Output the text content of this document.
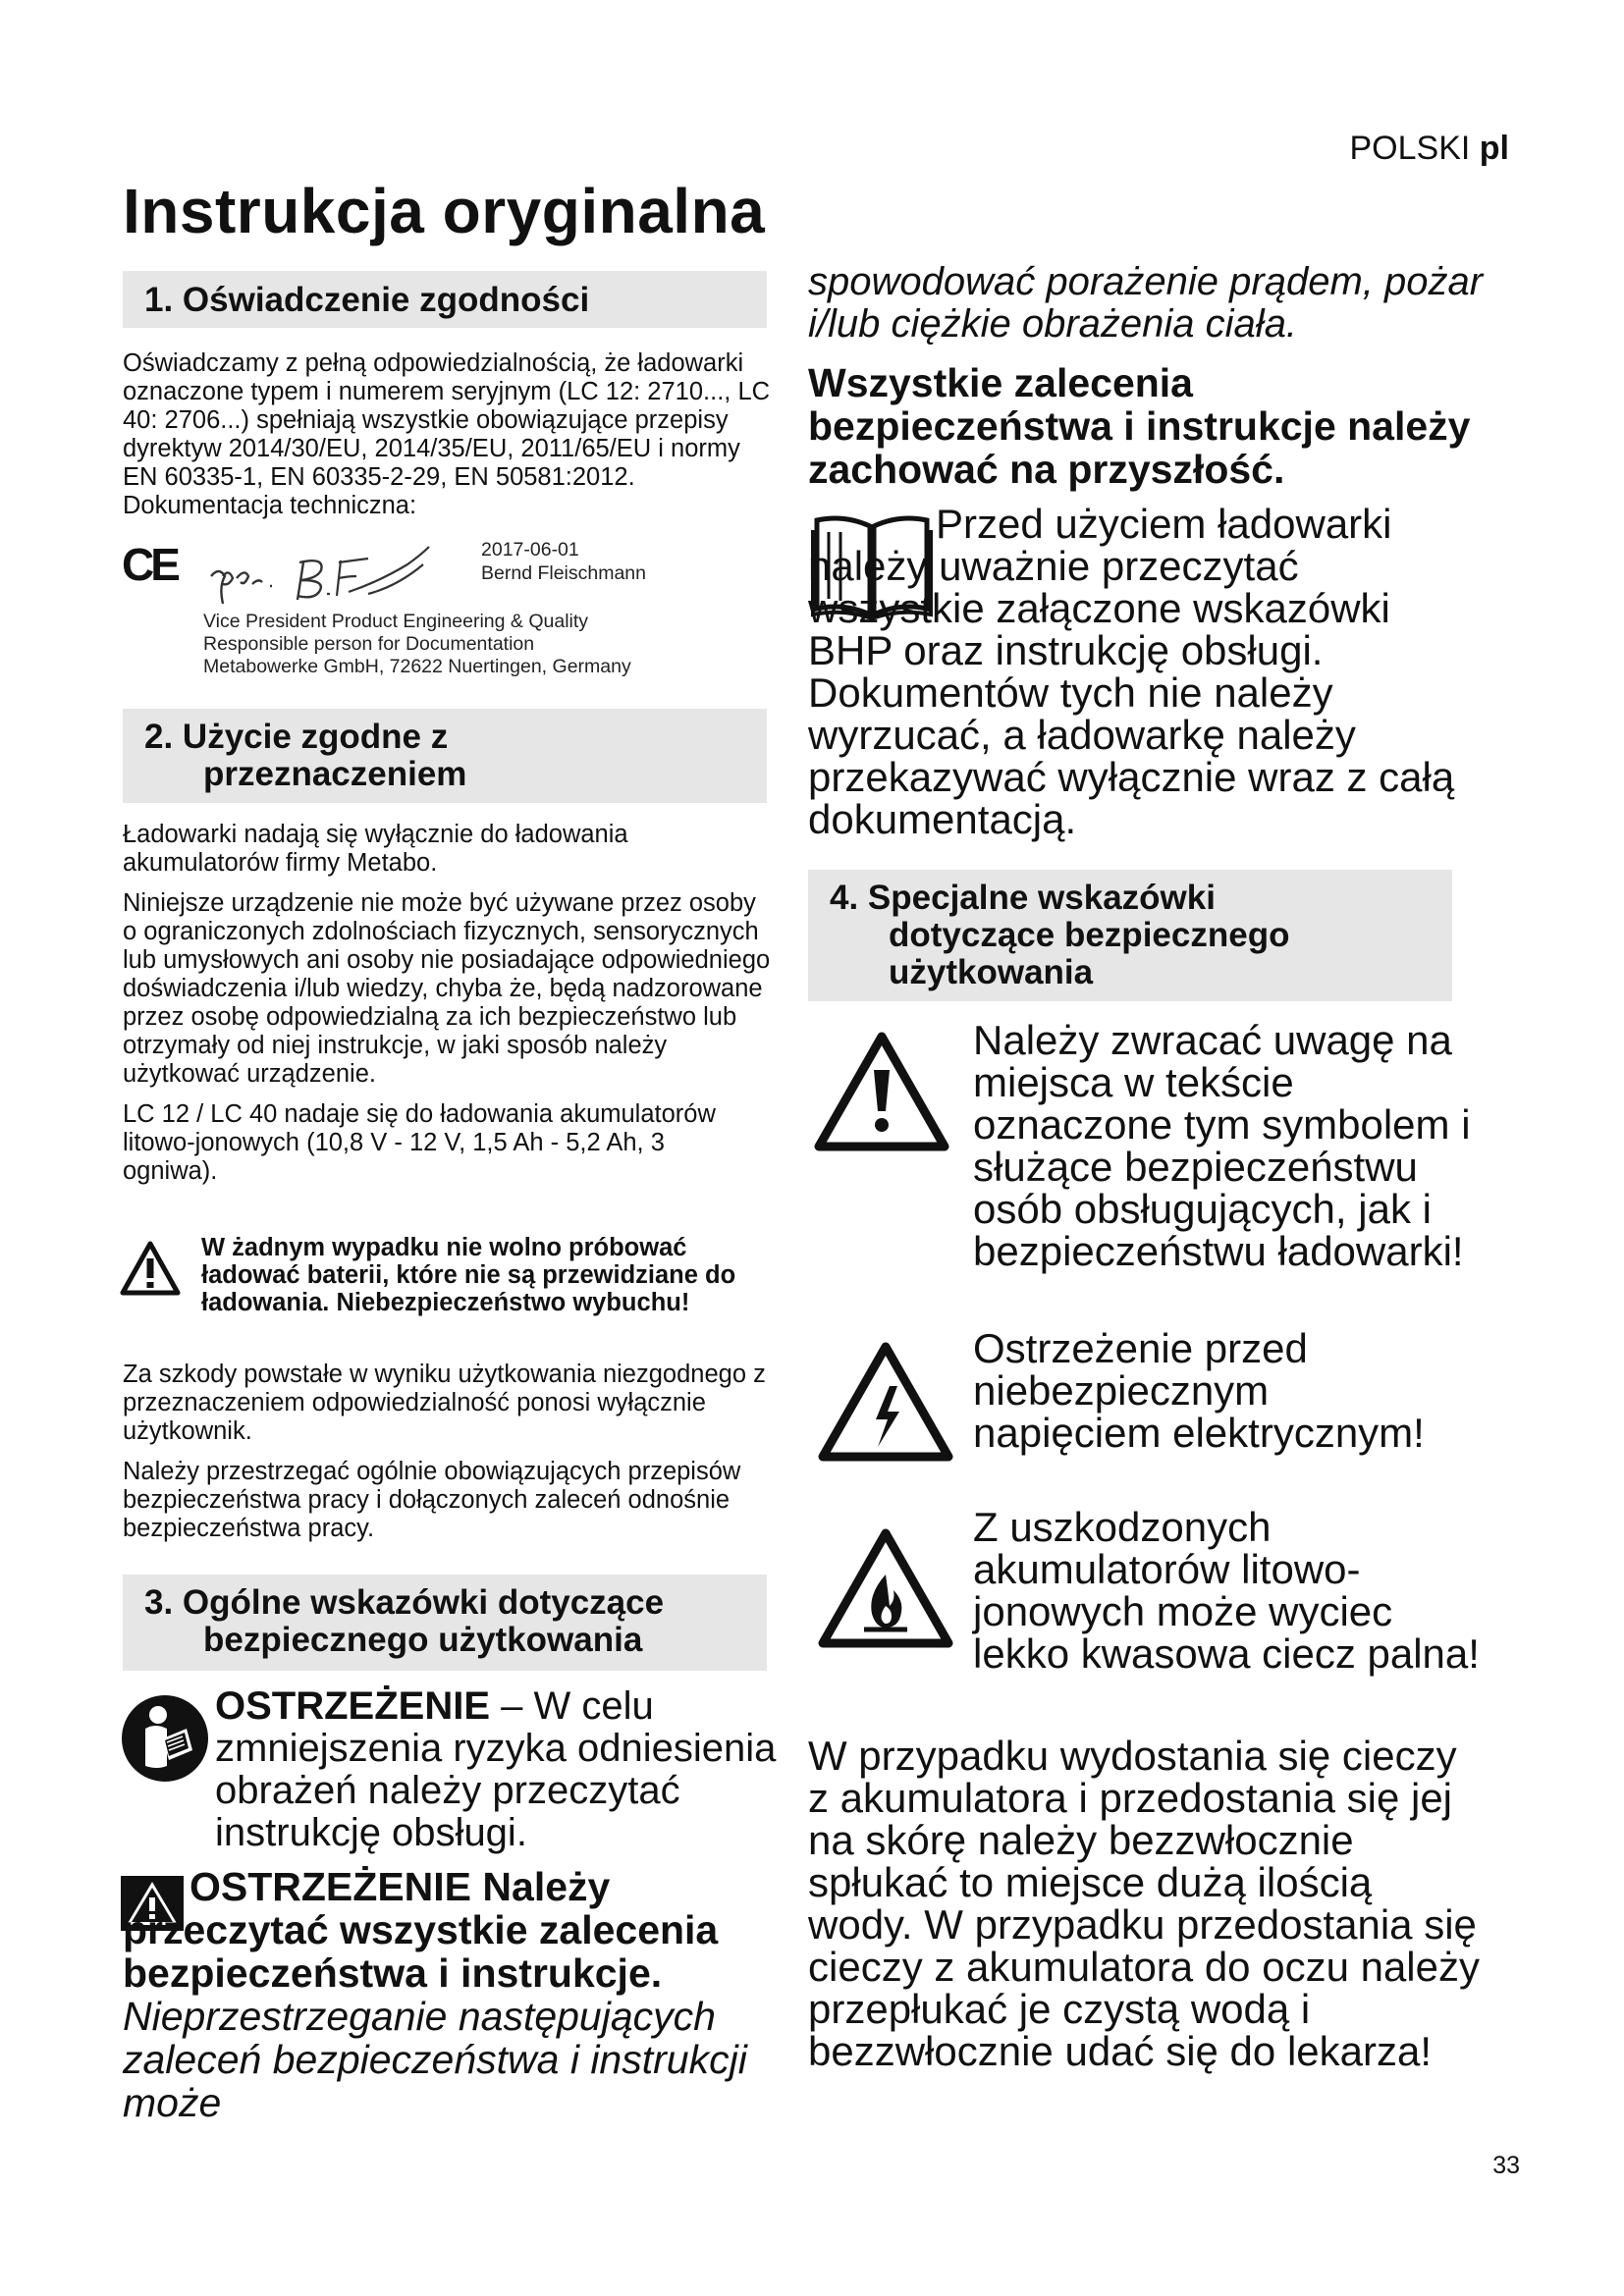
POLSKI pl
Instrukcja oryginalna
1. Oświadczenie zgodności
Oświadczamy z pełną odpowiedzialnością, że ładowarki oznaczone typem i numerem seryjnym (LC 12: 2710..., LC 40: 2706...) spełniają wszystkie obowiązujące przepisy dyrektyw 2014/30/EU, 2014/35/EU, 2011/65/EU i normy EN 60335-1, EN 60335-2-29, EN 50581:2012. Dokumentacja techniczna:
CE	2017-06-01
Bernd Fleischmann
Vice President Product Engineering & Quality
Responsible person for Documentation
Metabowerke GmbH, 72622 Nuertingen, Germany
2. Użycie zgodne z
przeznaczeniem

Ładowarki nadają się wyłącznie do ładowania akumulatorów firmy Metabo.

Niniejsze urządzenie nie może być używane przez osoby o ograniczonych zdolnościach fizycznych, sensorycznych lub umysłowych ani osoby nie posiadające odpowiedniego doświadczenia i/lub wiedzy, chyba że, będą nadzorowane przez osobę odpowiedzialną za ich bezpieczeństwo lub otrzymały od niej instrukcje, w jaki sposób należy użytkować urządzenie.

LC 12 / LC 40 nadaje się do ładowania akumulatorów litowo-jonowych (10,8 V - 12 V, 1,5 Ah - 5,2 Ah, 3 ogniwa).

W żadnym wypadku nie wolno próbować ładować baterii, które nie są przewidziane do ładowania. Niebezpieczeństwo wybuchu!

Za szkody powstałe w wyniku użytkowania niezgodnego z przeznaczeniem odpowiedzialność ponosi wyłącznie użytkownik.

Należy przestrzegać ogólnie obowiązujących przepisów bezpieczeństwa pracy i dołączonych zaleceń odnośnie bezpieczeństwa pracy.

3. Ogólne wskazówki dotyczące
bezpiecznego użytkowania
OSTRZEŻENIE – W celu zmniejszenia ryzyka odniesienia obrażeń należy przeczytać instrukcję obsługi.
OSTRZEŻENIE Należy przeczytać wszystkie zalecenia bezpieczeństwa i instrukcje. Nieprzestrzeganie następujących zaleceń bezpieczeństwa i instrukcji może
spowodować porażenie prądem, pożar i/lub ciężkie obrażenia ciała.
Wszystkie zalecenia bezpieczeństwa i instrukcje należy zachować na przyszłość.
Przed użyciem ładowarki należy uważnie przeczytać wszystkie załączone wskazówki BHP oraz instrukcję obsługi. Dokumentów tych nie należy wyrzucać, a ładowarkę należy przekazywać wyłącznie wraz z całą dokumentacją.
4. Specjalne wskazówki
dotyczące bezpiecznego
użytkowania
Należy zwracać uwagę na miejsca w tekście oznaczone tym symbolem i służące bezpieczeństwu osób obsługujących, jak i bezpieczeństwu ładowarki!
Ostrzeżenie przed niebezpiecznym napięciem elektrycznym!
Z uszkodzonych akumulatorów litowo-jonowych może wyciec lekko kwasowa ciecz palna!
W przypadku wydostania się cieczy z akumulatora i przedostania się jej na skórę należy bezzwłocznie spłukać to miejsce dużą ilością wody. W przypadku przedostania się cieczy z akumulatora do oczu należy przepłukać je czystą wodą i bezzwłocznie udać się do lekarza!
33
